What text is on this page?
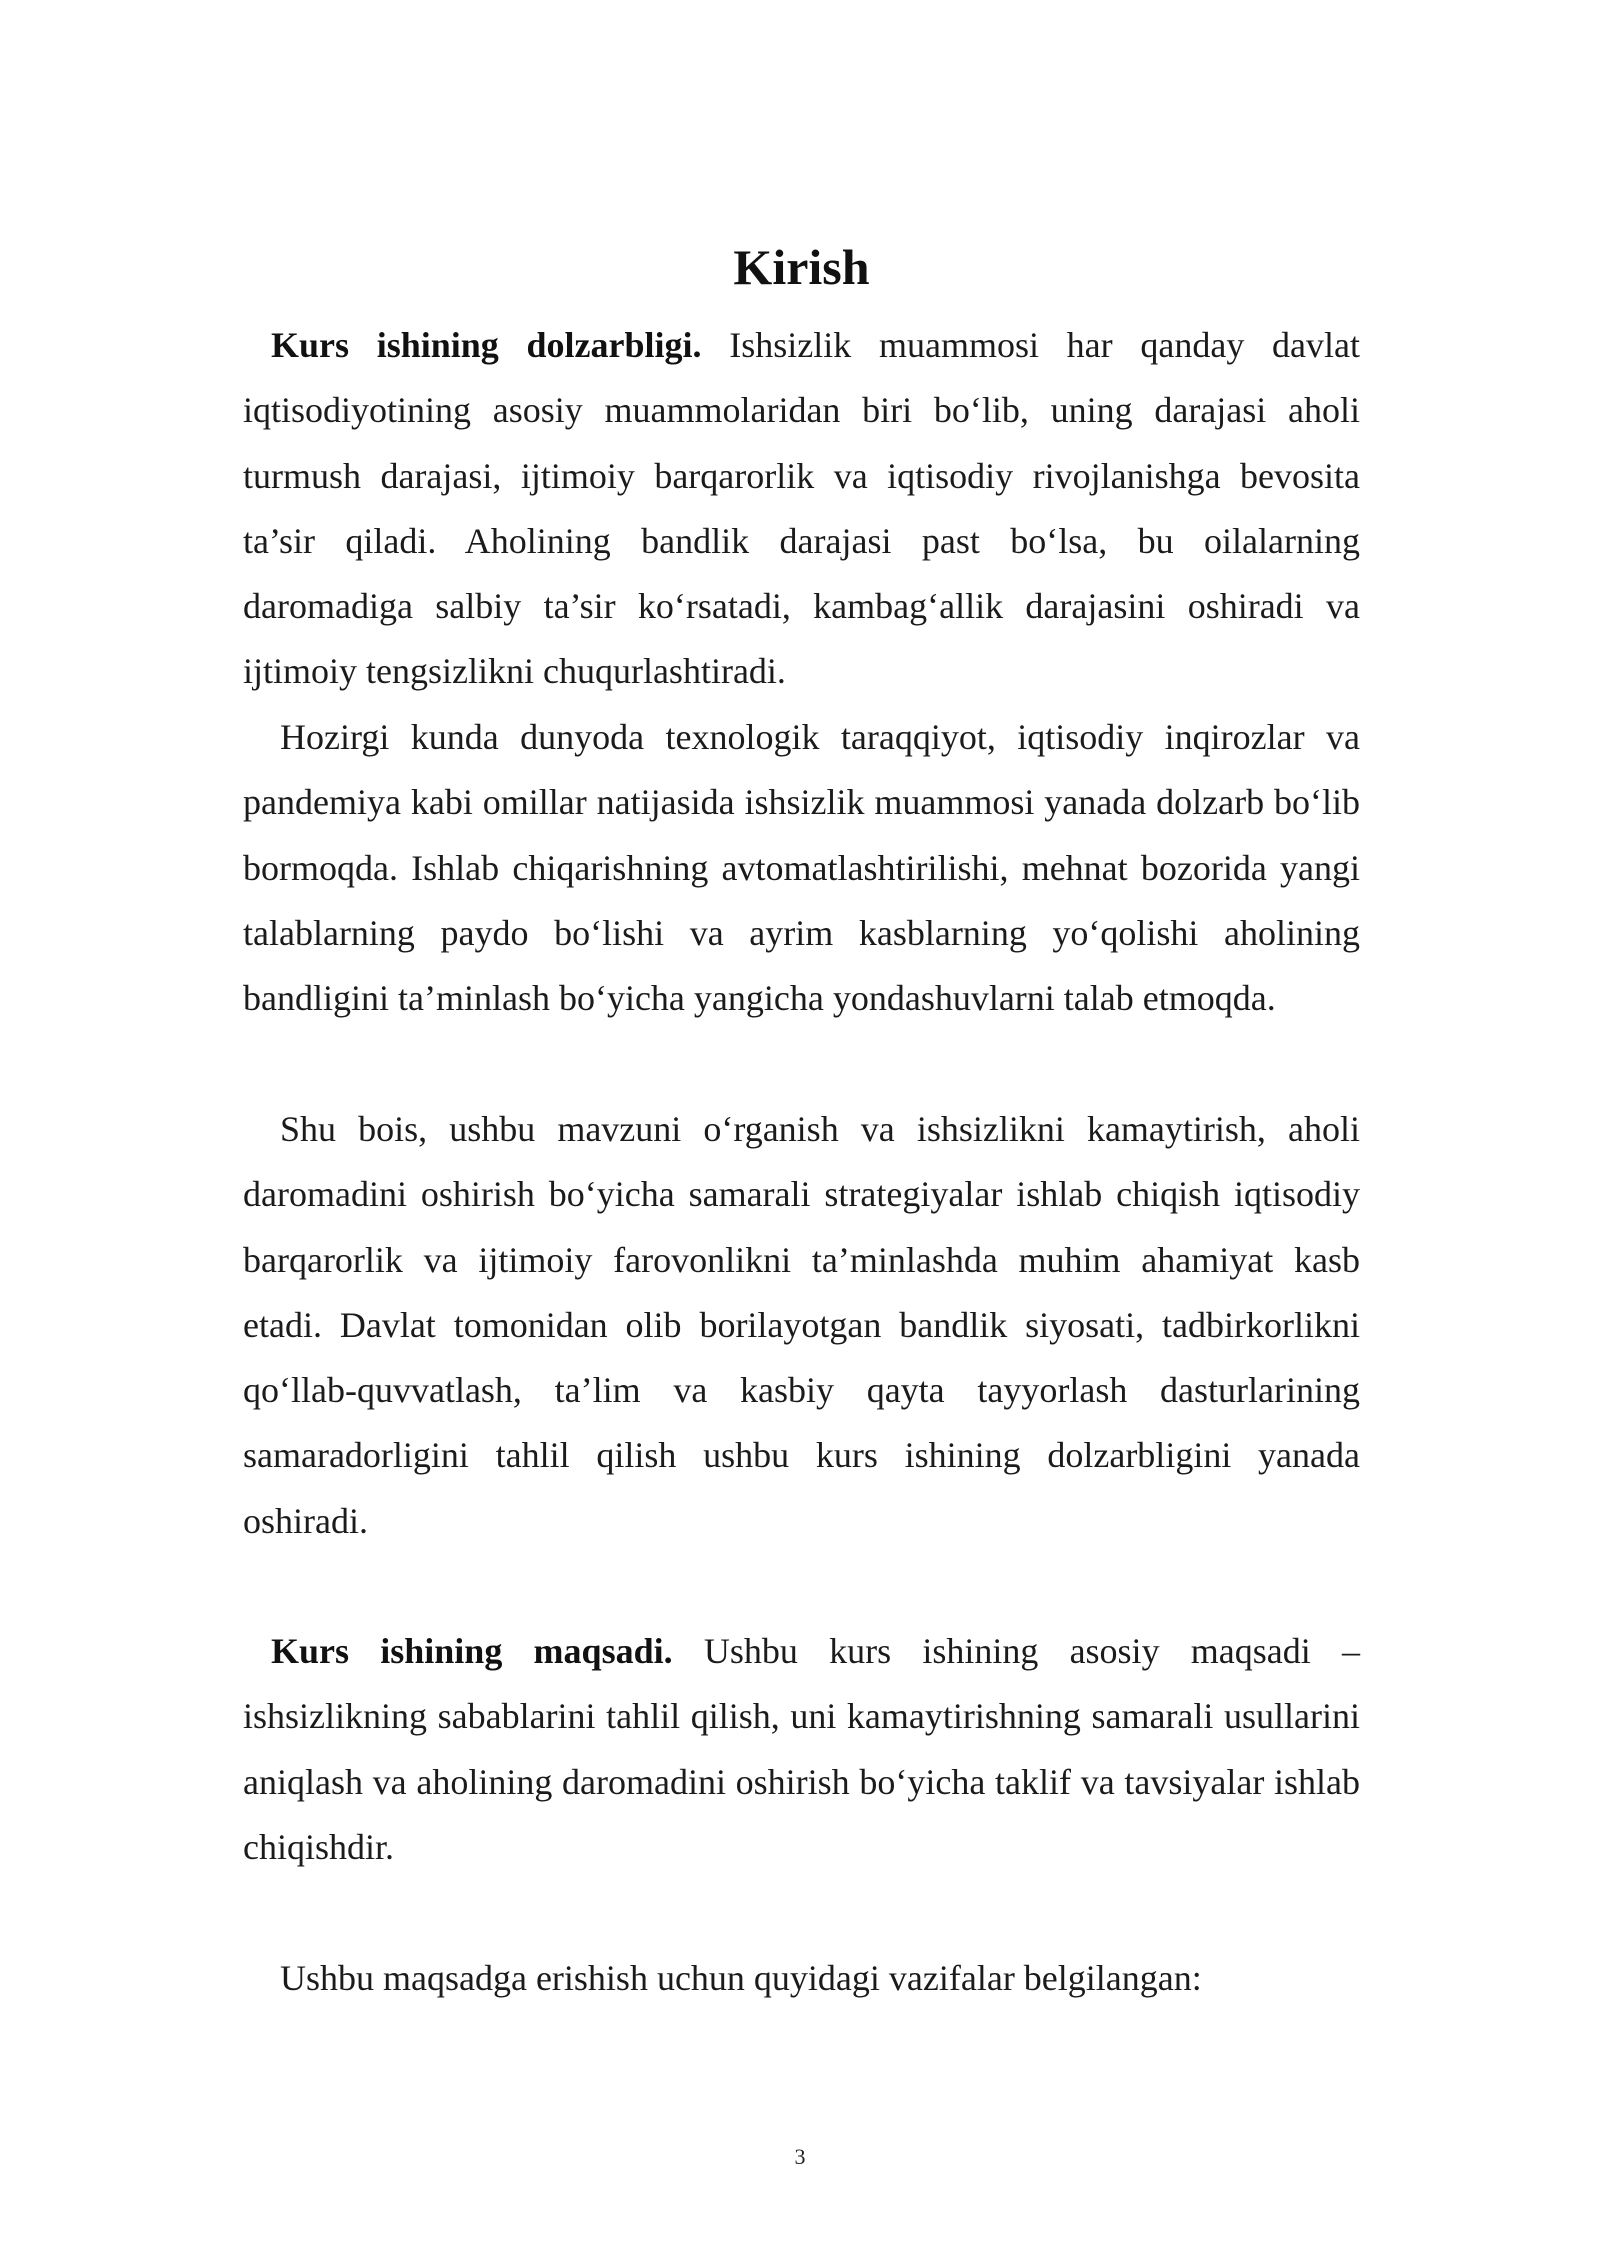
Kirish

Kurs ishining dolzarbligi. Ishsizlik muammosi har qanday davlat iqtisodiyotining asosiy muammolaridan biri bo‘lib, uning darajasi aholi turmush darajasi, ijtimoiy barqarorlik va iqtisodiy rivojlanishga bevosita ta’sir qiladi. Aholining bandlik darajasi past bo‘lsa, bu oilalarning daromadiga salbiy ta’sir ko‘rsatadi, kambag‘allik darajasini oshiradi va ijtimoiy tengsizlikni chuqurlashtiradi.

Hozirgi kunda dunyoda texnologik taraqqiyot, iqtisodiy inqirozlar va pandemiya kabi omillar natijasida ishsizlik muammosi yanada dolzarb bo‘lib bormoqda. Ishlab chiqarishning avtomatlashtirilishi, mehnat bozorida yangi talablarning paydo bo‘lishi va ayrim kasblarning yo‘qolishi aholining bandligini ta’minlash bo‘yicha yangicha yondashuvlarni talab etmoqda.

Shu bois, ushbu mavzuni o‘rganish va ishsizlikni kamaytirish, aholi daromadini oshirish bo‘yicha samarali strategiyalar ishlab chiqish iqtisodiy barqarorlik va ijtimoiy farovonlikni ta’minlashda muhim ahamiyat kasb etadi. Davlat tomonidan olib borilayotgan bandlik siyosati, tadbirkorlikni qo‘llab-quvvatlash, ta’lim va kasbiy qayta tayyorlash dasturlarining samaradorligini tahlil qilish ushbu kurs ishining dolzarbligini yanada oshiradi.

Kurs ishining maqsadi. Ushbu kurs ishining asosiy maqsadi – ishsizlikning sabablarini tahlil qilish, uni kamaytirishning samarali usullarini aniqlash va aholining daromadini oshirish bo‘yicha taklif va tavsiyalar ishlab chiqishdir.

Ushbu maqsadga erishish uchun quyidagi vazifalar belgilangan:

3
